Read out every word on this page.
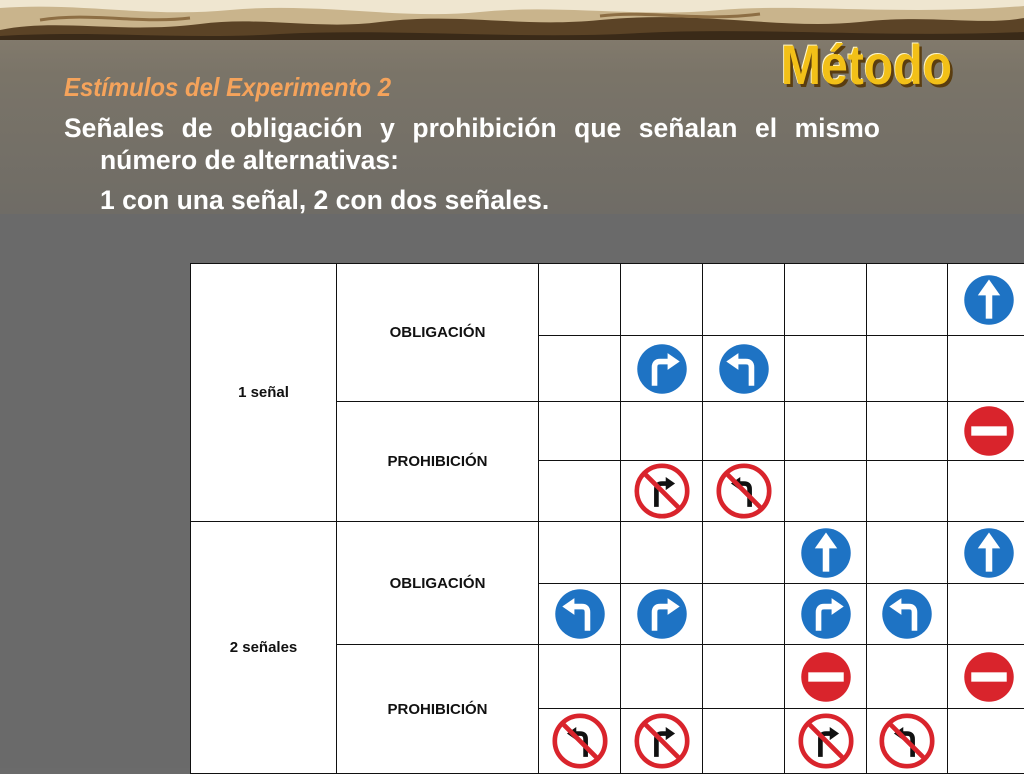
Método
Estímulos del Experimento 2
Señales de obligación y prohibición que señalan el mismo número de alternativas:
1 con una señal, 2 con dos señales.
1 señal
OBLIGACIÓN
PROHIBICIÓN
2 señales
OBLIGACIÓN
PROHIBICIÓN
